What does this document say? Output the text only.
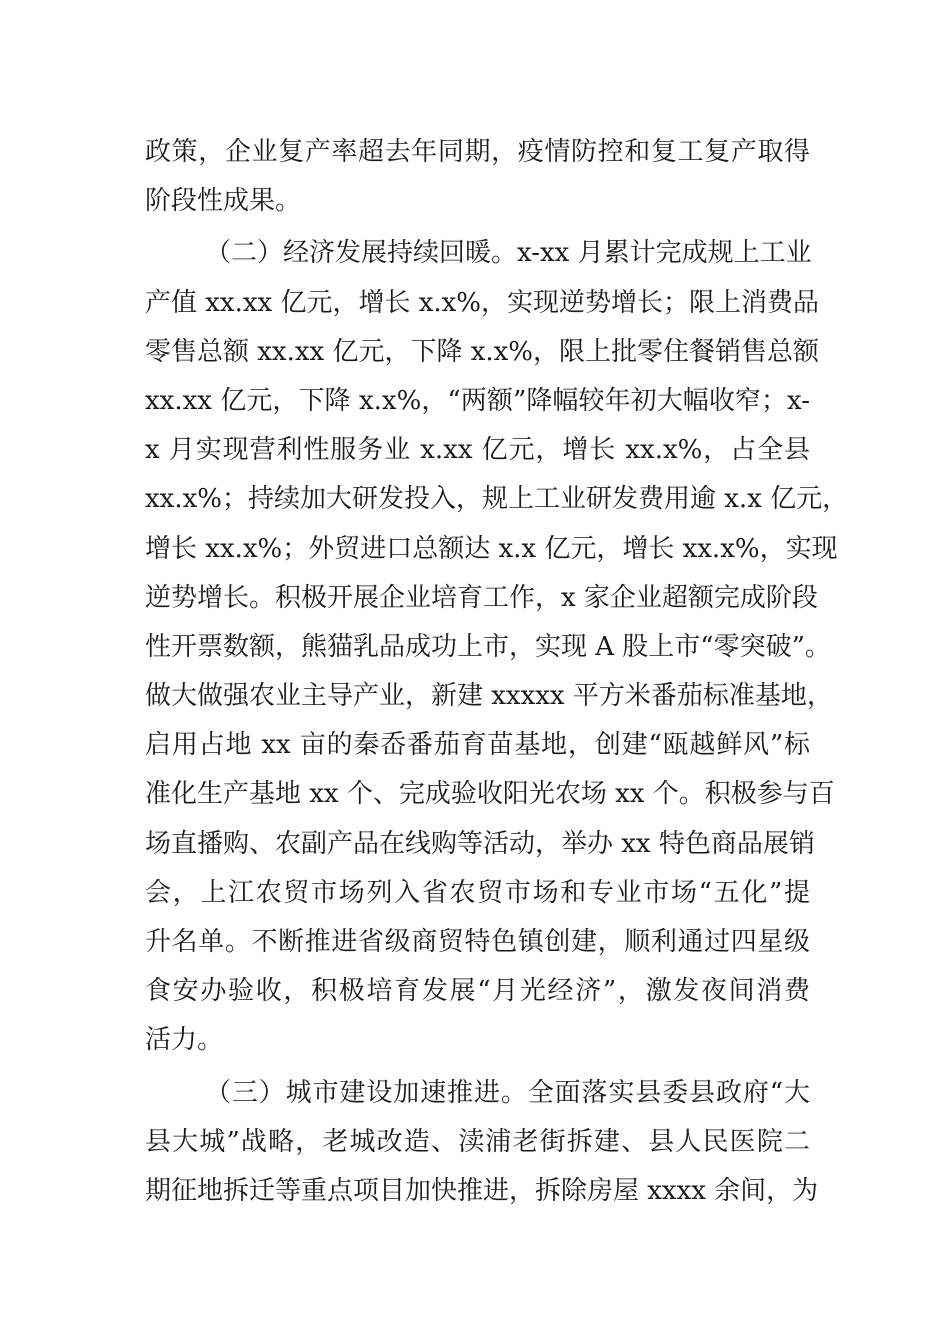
政策，企业复产率超去年同期，疫情防控和复工复产取得
阶段性成果。
（二）经济发展持续回暖。x-xx 月累计完成规上工业
产值 xx.xx 亿元，增长 x.x%，实现逆势增长；限上消费品
零售总额 xx.xx 亿元，下降 x.x%，限上批零住餐销售总额
xx.xx 亿元，下降 x.x%，“两额”降幅较年初大幅收窄；x-
x 月实现营利性服务业 x.xx 亿元，增长 xx.x%，占全县
xx.x%；持续加大研发投入，规上工业研发费用逾 x.x 亿元，
增长 xx.x%；外贸进口总额达 x.x 亿元，增长 xx.x%，实现
逆势增长。积极开展企业培育工作，x 家企业超额完成阶段
性开票数额，熊猫乳品成功上市，实现 A 股上市“零突破”。
做大做强农业主导产业，新建 xxxxx 平方米番茄标准基地，
启用占地 xx 亩的秦岙番茄育苗基地，创建“瓯越鲜风”标
准化生产基地 xx 个、完成验收阳光农场 xx 个。积极参与百
场直播购、农副产品在线购等活动，举办 xx 特色商品展销
会，上江农贸市场列入省农贸市场和专业市场“五化”提
升名单。不断推进省级商贸特色镇创建，顺利通过四星级
食安办验收，积极培育发展“月光经济”，激发夜间消费
活力。
（三）城市建设加速推进。全面落实县委县政府“大
县大城”战略，老城改造、渎浦老街拆建、县人民医院二
期征地拆迁等重点项目加快推进，拆除房屋 xxxx 余间，为
